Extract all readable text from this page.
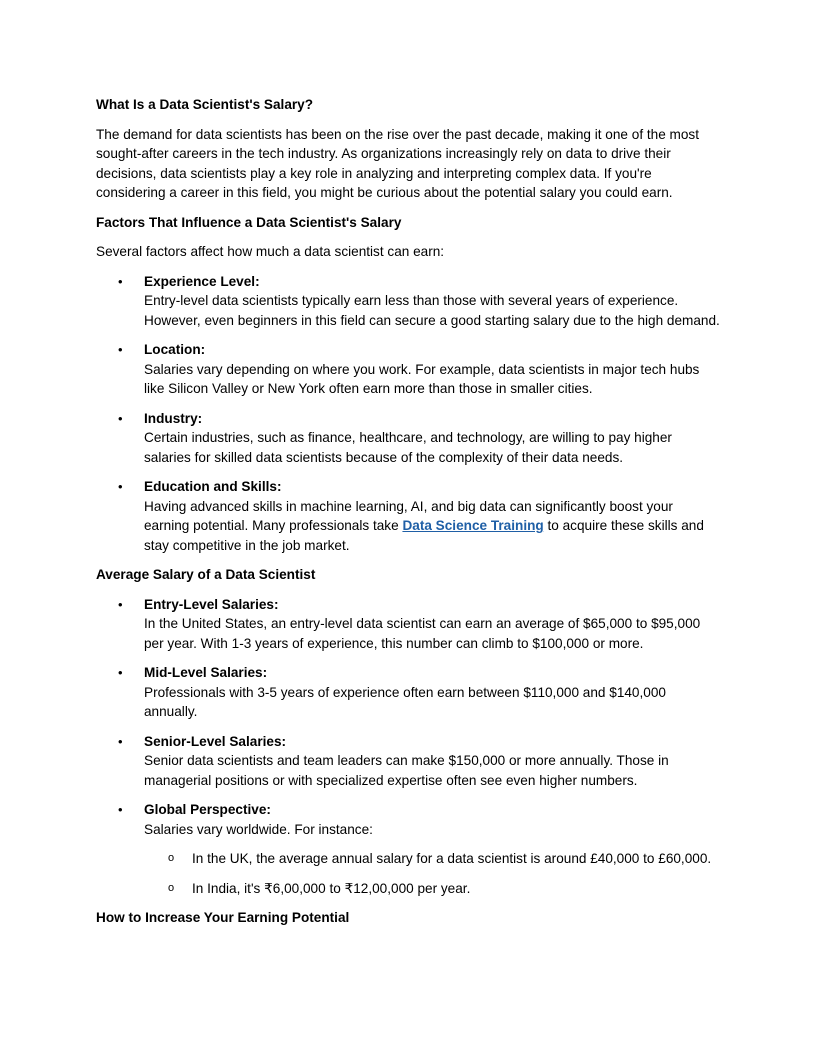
What Is a Data Scientist's Salary?

The demand for data scientists has been on the rise over the past decade, making it one of the most sought-after careers in the tech industry. As organizations increasingly rely on data to drive their decisions, data scientists play a key role in analyzing and interpreting complex data. If you're considering a career in this field, you might be curious about the potential salary you could earn.

Factors That Influence a Data Scientist's Salary

Several factors affect how much a data scientist can earn:

• Experience Level:
Entry-level data scientists typically earn less than those with several years of experience. However, even beginners in this field can secure a good starting salary due to the high demand.
• Location:
Salaries vary depending on where you work. For example, data scientists in major tech hubs like Silicon Valley or New York often earn more than those in smaller cities.
• Industry:
Certain industries, such as finance, healthcare, and technology, are willing to pay higher salaries for skilled data scientists because of the complexity of their data needs.
• Education and Skills:
Having advanced skills in machine learning, AI, and big data can significantly boost your earning potential. Many professionals take Data Science Training to acquire these skills and stay competitive in the job market.

Average Salary of a Data Scientist

• Entry-Level Salaries:
In the United States, an entry-level data scientist can earn an average of $65,000 to $95,000 per year. With 1-3 years of experience, this number can climb to $100,000 or more.
• Mid-Level Salaries:
Professionals with 3-5 years of experience often earn between $110,000 and $140,000 annually.
• Senior-Level Salaries:
Senior data scientists and team leaders can make $150,000 or more annually. Those in managerial positions or with specialized expertise often see even higher numbers.
• Global Perspective:
Salaries vary worldwide. For instance:
o In the UK, the average annual salary for a data scientist is around £40,000 to £60,000.
o In India, it's ₹6,00,000 to ₹12,00,000 per year.

How to Increase Your Earning Potential
